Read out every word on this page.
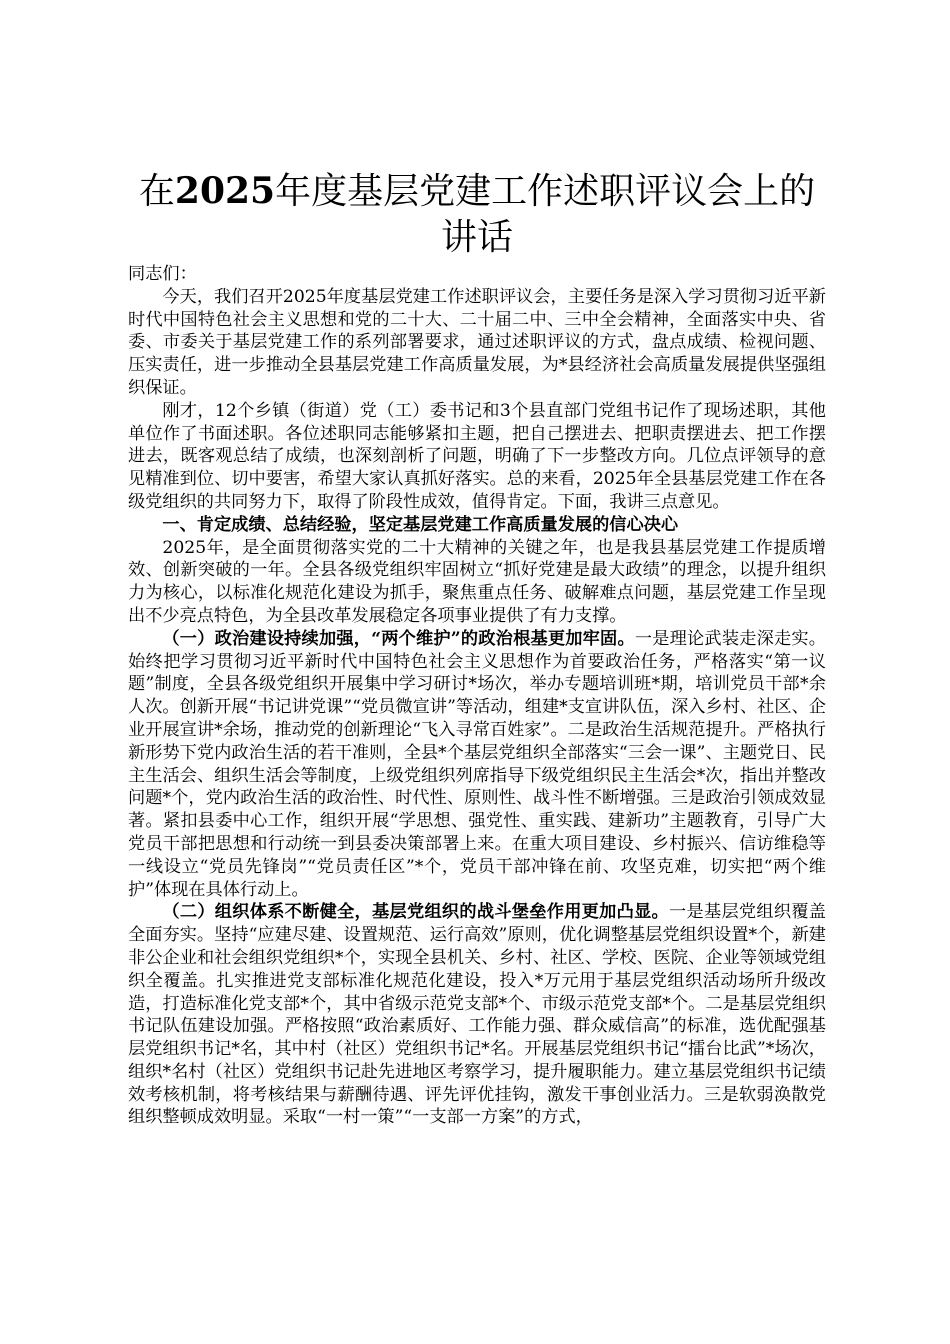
在2025年度基层党建工作述职评议会上的讲话

同志们：

今天，我们召开2025年度基层党建工作述职评议会，主要任务是深入学习贯彻习近平新时代中国特色社会主义思想和党的二十大、二十届二中、三中全会精神，全面落实中央、省委、市委关于基层党建工作的系列部署要求，通过述职评议的方式，盘点成绩、检视问题、压实责任，进一步推动全县基层党建工作高质量发展，为*县经济社会高质量发展提供坚强组织保证。

刚才，12个乡镇（街道）党（工）委书记和3个县直部门党组书记作了现场述职，其他单位作了书面述职。各位述职同志能够紧扣主题，把自己摆进去、把职责摆进去、把工作摆进去，既客观总结了成绩，也深刻剖析了问题，明确了下一步整改方向。几位点评领导的意见精准到位、切中要害，希望大家认真抓好落实。总的来看，2025年全县基层党建工作在各级党组织的共同努力下，取得了阶段性成效，值得肯定。下面，我讲三点意见。

一、肯定成绩、总结经验，坚定基层党建工作高质量发展的信心决心

2025年，是全面贯彻落实党的二十大精神的关键之年，也是我县基层党建工作提质增效、创新突破的一年。全县各级党组织牢固树立“抓好党建是最大政绩”的理念，以提升组织力为核心，以标准化规范化建设为抓手，聚焦重点任务、破解难点问题，基层党建工作呈现出不少亮点特色，为全县改革发展稳定各项事业提供了有力支撑。

（一）政治建设持续加强，“两个维护”的政治根基更加牢固。一是理论武装走深走实。始终把学习贯彻习近平新时代中国特色社会主义思想作为首要政治任务，严格落实“第一议题”制度，全县各级党组织开展集中学习研讨*场次，举办专题培训班*期，培训党员干部*余人次。创新开展“书记讲党课”“党员微宣讲”等活动，组建*支宣讲队伍，深入乡村、社区、企业开展宣讲*余场，推动党的创新理论“飞入寻常百姓家”。二是政治生活规范提升。严格执行新形势下党内政治生活的若干准则，全县*个基层党组织全部落实“三会一课”、主题党日、民主生活会、组织生活会等制度，上级党组织列席指导下级党组织民主生活会*次，指出并整改问题*个，党内政治生活的政治性、时代性、原则性、战斗性不断增强。三是政治引领成效显著。紧扣县委中心工作，组织开展“学思想、强党性、重实践、建新功”主题教育，引导广大党员干部把思想和行动统一到县委决策部署上来。在重大项目建设、乡村振兴、信访维稳等一线设立“党员先锋岗”“党员责任区”*个，党员干部冲锋在前、攻坚克难，切实把“两个维护”体现在具体行动上。

（二）组织体系不断健全，基层党组织的战斗堡垒作用更加凸显。一是基层党组织覆盖全面夯实。坚持“应建尽建、设置规范、运行高效”原则，优化调整基层党组织设置*个，新建非公企业和社会组织党组织*个，实现全县机关、乡村、社区、学校、医院、企业等领域党组织全覆盖。扎实推进党支部标准化规范化建设，投入*万元用于基层党组织活动场所升级改造，打造标准化党支部*个，其中省级示范党支部*个、市级示范党支部*个。二是基层党组织书记队伍建设加强。严格按照“政治素质好、工作能力强、群众威信高”的标准，选优配强基层党组织书记*名，其中村（社区）党组织书记*名。开展基层党组织书记“擂台比武”*场次，组织*名村（社区）党组织书记赴先进地区考察学习，提升履职能力。建立基层党组织书记绩效考核机制，将考核结果与薪酬待遇、评先评优挂钩，激发干事创业活力。三是软弱涣散党组织整顿成效明显。采取“一村一策”“一支部一方案”的方式，
